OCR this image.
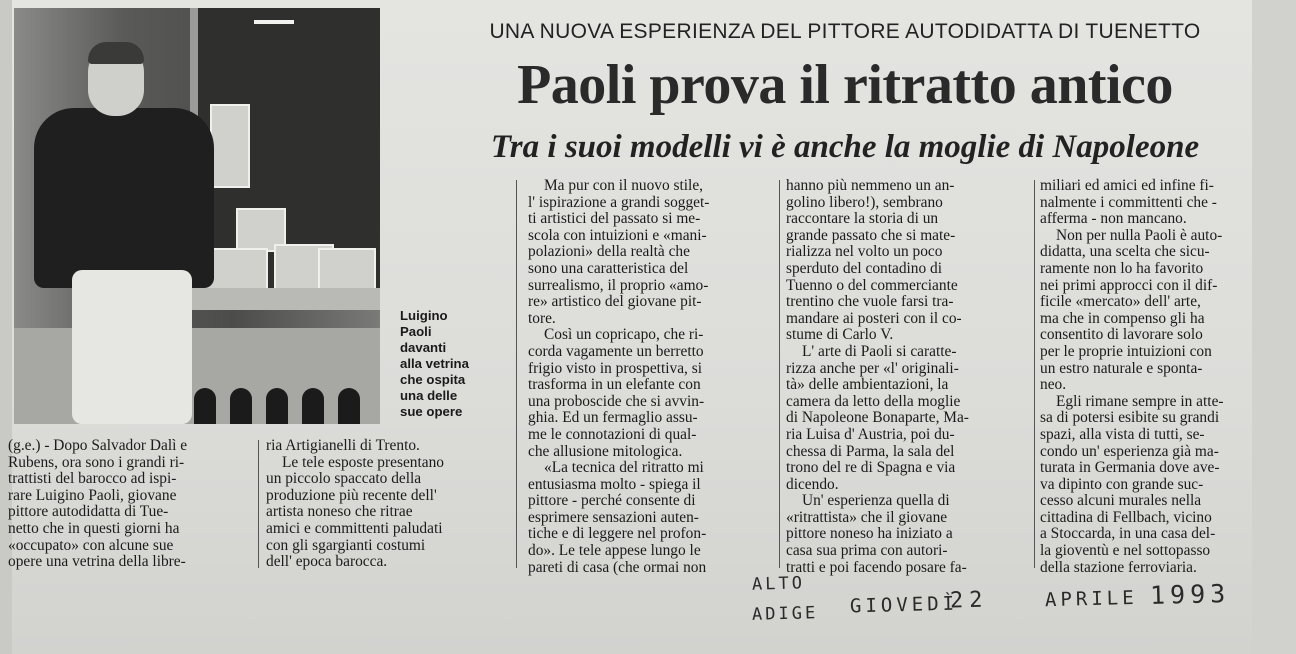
Luigino
Paoli
davanti
alla vetrina
che ospita
una delle
sue opere
UNA NUOVA ESPERIENZA DEL PITTORE AUTODIDATTA DI TUENETTO
Paoli prova il ritratto antico
Tra i suoi modelli vi è anche la moglie di Napoleone
(g.e.) - Dopo Salvador Dalì e
Rubens, ora sono i grandi ri-
trattisti del barocco ad ispi-
rare Luigino Paoli, giovane
pittore autodidatta di Tue-
netto che in questi giorni ha
«occupato» con alcune sue
opere una vetrina della libre-
ria Artigianelli di Trento.
Le tele esposte presentano
un piccolo spaccato della
produzione più recente dell'
artista noneso che ritrae
amici e committenti paludati
con gli sgargianti costumi
dell' epoca barocca.
Ma pur con il nuovo stile,
l' ispirazione a grandi sogget-
ti artistici del passato si me-
scola con intuizioni e «mani-
polazioni» della realtà che
sono una caratteristica del
surrealismo, il proprio «amo-
re» artistico del giovane pit-
tore.
Così un copricapo, che ri-
corda vagamente un berretto
frigio visto in prospettiva, si
trasforma in un elefante con
una proboscide che si avvin-
ghia. Ed un fermaglio assu-
me le connotazioni di qual-
che allusione mitologica.
«La tecnica del ritratto mi
entusiasma molto - spiega il
pittore - perché consente di
esprimere sensazioni auten-
tiche e di leggere nel profon-
do». Le tele appese lungo le
pareti di casa (che ormai non
hanno più nemmeno un an-
golino libero!), sembrano
raccontare la storia di un
grande passato che si mate-
rializza nel volto un poco
sperduto del contadino di
Tuenno o del commerciante
trentino che vuole farsi tra-
mandare ai posteri con il co-
stume di Carlo V.
L' arte di Paoli si caratte-
rizza anche per «l' originali-
tà» delle ambientazioni, la
camera da letto della moglie
di Napoleone Bonaparte, Ma-
ria Luisa d' Austria, poi du-
chessa di Parma, la sala del
trono del re di Spagna e via
dicendo.
Un' esperienza quella di
«ritrattista» che il giovane
pittore noneso ha iniziato a
casa sua prima con autori-
tratti e poi facendo posare fa-
miliari ed amici ed infine fi-
nalmente i committenti che -
afferma - non mancano.
Non per nulla Paoli è auto-
didatta, una scelta che sicu-
ramente non lo ha favorito
nei primi approcci con il dif-
ficile «mercato» dell' arte,
ma che in compenso gli ha
consentito di lavorare solo
per le proprie intuizioni con
un estro naturale e sponta-
neo.
Egli rimane sempre in atte-
sa di potersi esibite su grandi
spazi, alla vista di tutti, se-
condo un' esperienza già ma-
turata in Germania dove ave-
va dipinto con grande suc-
cesso alcuni murales nella
cittadina di Fellbach, vicino
a Stoccarda, in una casa del-
la gioventù e nel sottopasso
della stazione ferroviaria.
ALTO
ADIGE GIOVEDÌ
22	APRILE 1993
